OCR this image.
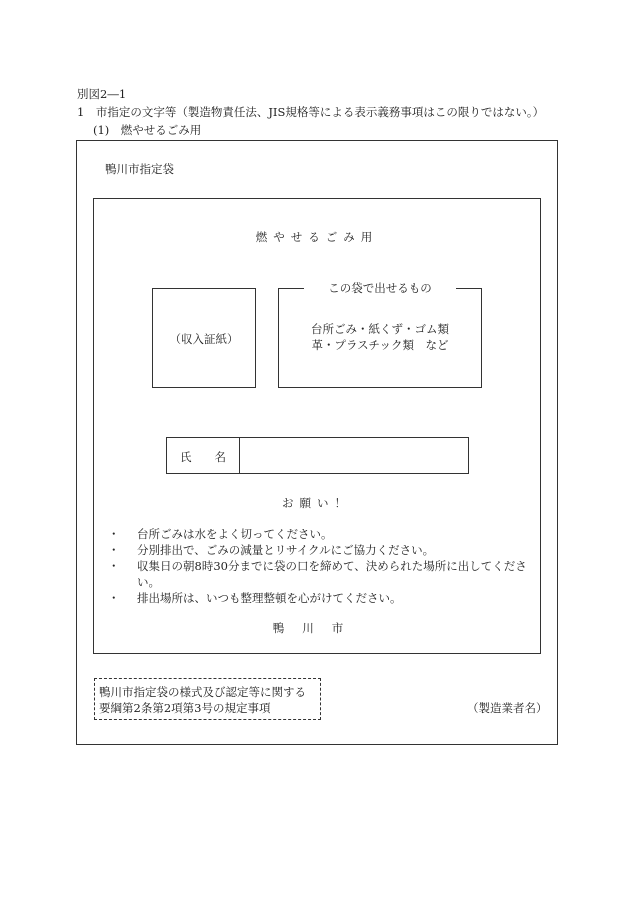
別図2―1
1　市指定の文字等（製造物責任法、JIS規格等による表示義務事項はこの限りではない。）
(1)　燃やせるごみ用
鴨川市指定袋
燃やせるごみ用
（収入証紙）
この袋で出せるもの
台所ごみ・紙くず・ゴム類
革・プラスチック類　など
氏　　名
お願い！
・ 台所ごみは水をよく切ってください。
・ 分別排出で、ごみの減量とリサイクルにご協力ください。
・ 収集日の朝8時30分までに袋の口を締めて、決められた場所に出してください。
・ 排出場所は、いつも整理整頓を心がけてください。
鴨川市
鴨川市指定袋の様式及び認定等に関する
要綱第2条第2項第3号の規定事項	（製造業者名）
